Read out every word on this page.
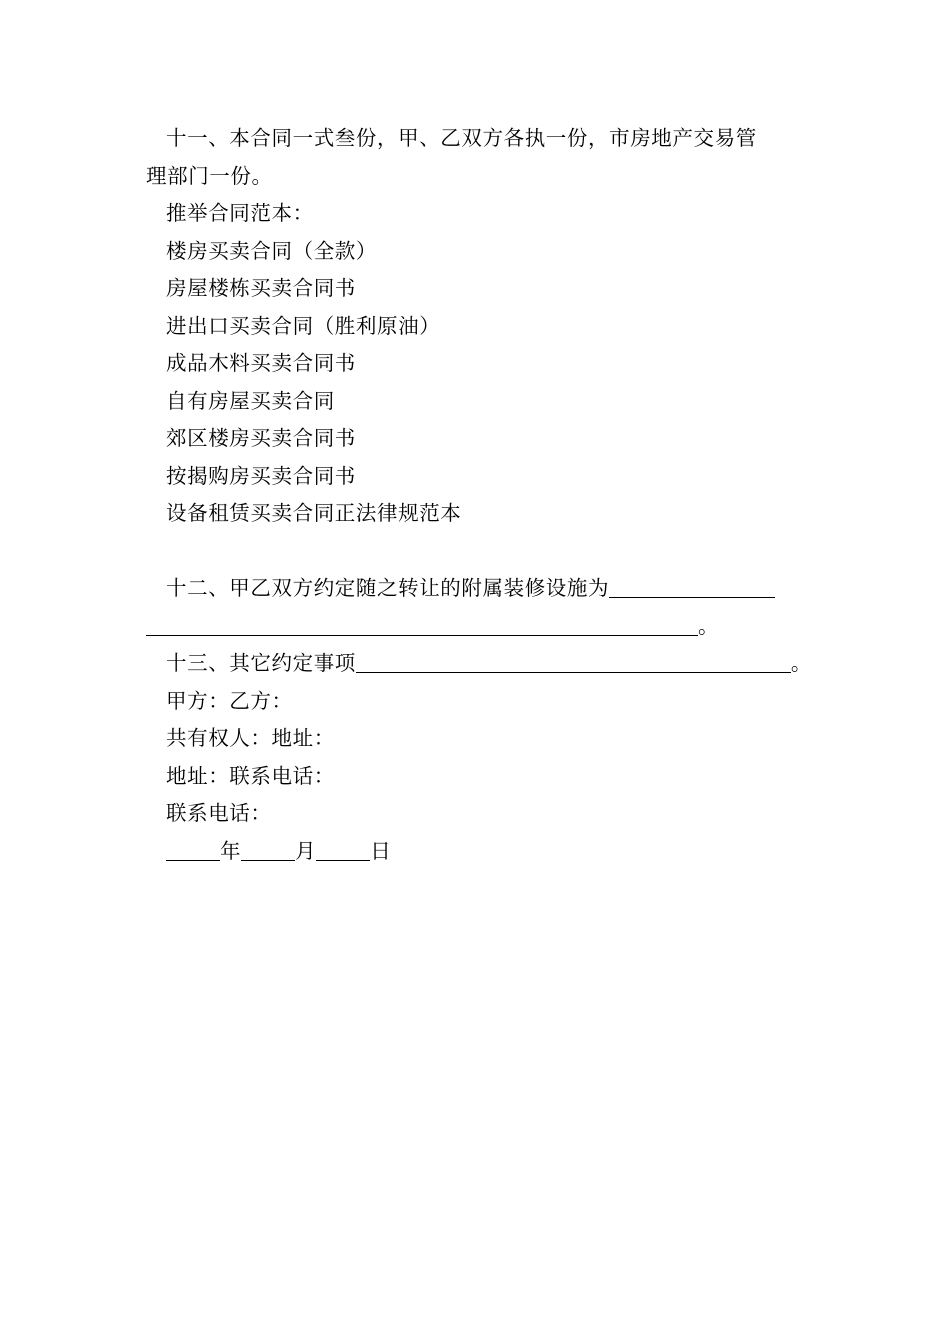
十一、本合同一式叁份，甲、乙双方各执一份，市房地产交易管
理部门一份。
推举合同范本：
楼房买卖合同（全款）
房屋楼栋买卖合同书
进出口买卖合同（胜利原油）
成品木料买卖合同书
自有房屋买卖合同
郊区楼房买卖合同书
按揭购房买卖合同书
设备租赁买卖合同正法律规范本
十二、甲乙双方约定随之转让的附属装修设施为
。
十三、其它约定事项	。
甲方：乙方：
共有权人：地址：
地址：联系电话：
联系电话：
年	月	日
